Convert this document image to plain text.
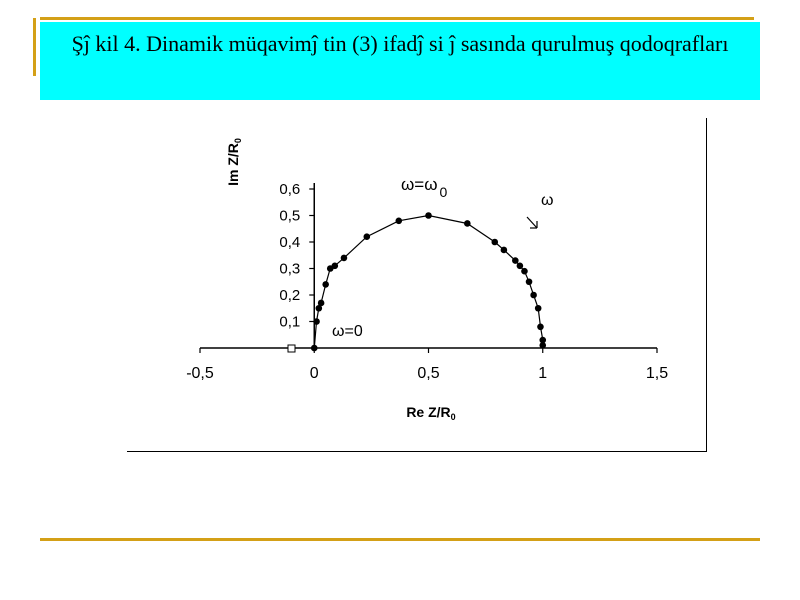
Şĵ kil 4. Dinamik müqavimĵ tin (3) ifadĵ si ĵ sasında qurulmuş qodoqrafları
-0,5	0	0,5	1	1,5
0,1
0,2
0,3
0,4
0,5
0,6
Im $Z/R_0$
Re $Z/R_0$
ω=ω $_0$
ω=0
ω
